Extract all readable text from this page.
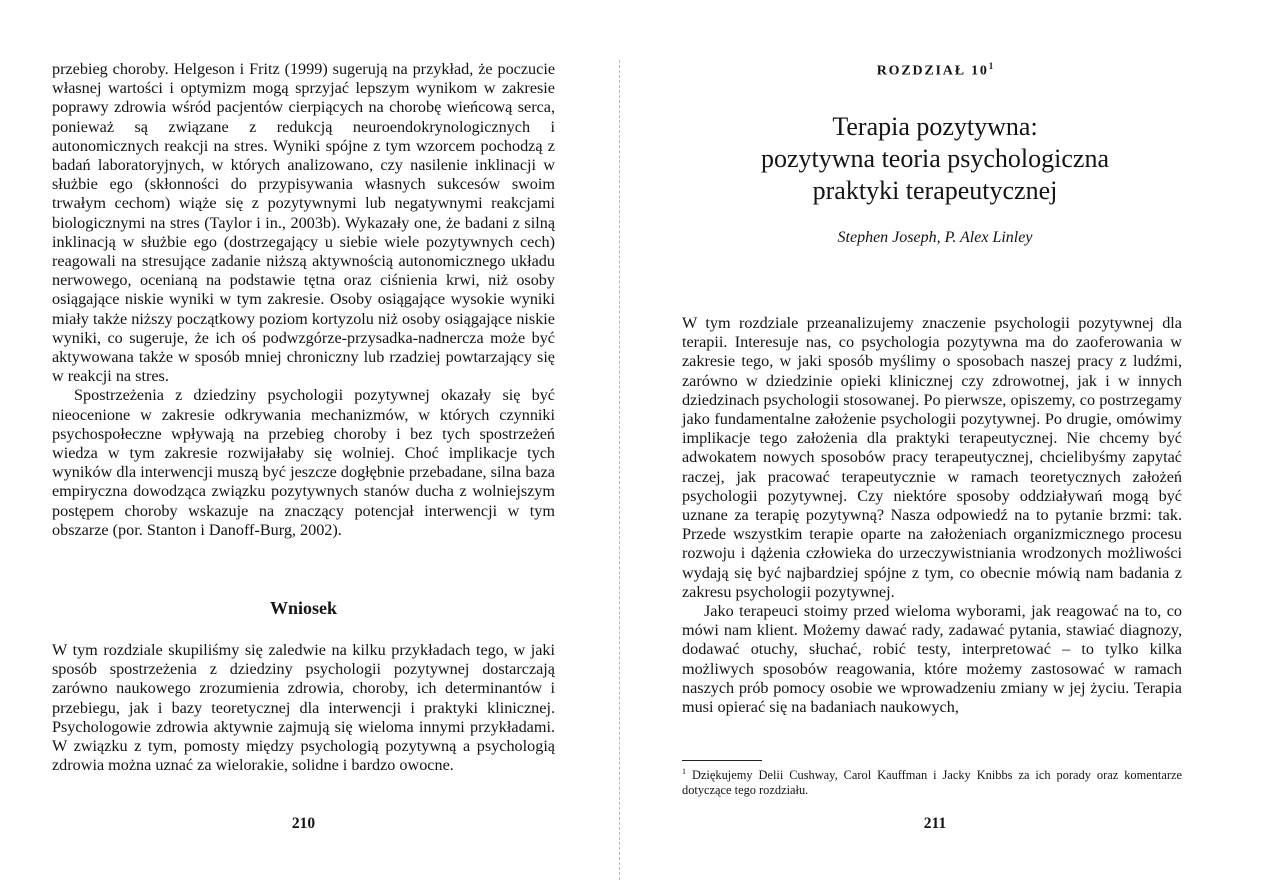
przebieg choroby. Helgeson i Fritz (1999) sugerują na przykład, że poczucie własnej wartości i optymizm mogą sprzyjać lepszym wynikom w zakresie poprawy zdrowia wśród pacjentów cierpiących na chorobę wieńcową serca, ponieważ są związane z redukcją neuroendokrynologicznych i autonomicznych reakcji na stres. Wyniki spójne z tym wzorcem pochodzą z badań laboratoryjnych, w których analizowano, czy nasilenie inklinacji w służbie ego (skłonności do przypisywania własnych sukcesów swoim trwałym cechom) wiąże się z pozytywnymi lub negatywnymi reakcjami biologicznymi na stres (Taylor i in., 2003b). Wykazały one, że badani z silną inklinacją w służbie ego (dostrzegający u siebie wiele pozytywnych cech) reagowali na stresujące zadanie niższą aktywnością autonomicznego układu nerwowego, ocenianą na podstawie tętna oraz ciśnienia krwi, niż osoby osiągające niskie wyniki w tym zakresie. Osoby osiągające wysokie wyniki miały także niższy początkowy poziom kortyzolu niż osoby osiągające niskie wyniki, co sugeruje, że ich oś podwzgórze-przysadka-nadnercza może być aktywowana także w sposób mniej chroniczny lub rzadziej powtarzający się w reakcji na stres.

Spostrzeżenia z dziedziny psychologii pozytywnej okazały się być nieocenione w zakresie odkrywania mechanizmów, w których czynniki psychospołeczne wpływają na przebieg choroby i bez tych spostrzeżeń wiedza w tym zakresie rozwijałaby się wolniej. Choć implikacje tych wyników dla interwencji muszą być jeszcze dogłębnie przebadane, silna baza empiryczna dowodząca związku pozytywnych stanów ducha z wolniejszym postępem choroby wskazuje na znaczący potencjał interwencji w tym obszarze (por. Stanton i Danoff-Burg, 2002).

Wniosek

W tym rozdziale skupiliśmy się zaledwie na kilku przykładach tego, w jaki sposób spostrzeżenia z dziedziny psychologii pozytywnej dostarczają zarówno naukowego zrozumienia zdrowia, choroby, ich determinantów i przebiegu, jak i bazy teoretycznej dla interwencji i praktyki klinicznej. Psychologowie zdrowia aktywnie zajmują się wieloma innymi przykładami. W związku z tym, pomosty między psychologią pozytywną a psychologią zdrowia można uznać za wielorakie, solidne i bardzo owocne.

210
ROZDZIAŁ $10^1$
Terapia pozytywna:
pozytywna teoria psychologiczna
praktyki terapeutycznej
Stephen Joseph, P. Alex Linley

W tym rozdziale przeanalizujemy znaczenie psychologii pozytywnej dla terapii. Interesuje nas, co psychologia pozytywna ma do zaoferowania w zakresie tego, w jaki sposób myślimy o sposobach naszej pracy z ludźmi, zarówno w dziedzinie opieki klinicznej czy zdrowotnej, jak i w innych dziedzinach psychologii stosowanej. Po pierwsze, opiszemy, co postrzegamy jako fundamentalne założenie psychologii pozytywnej. Po drugie, omówimy implikacje tego założenia dla praktyki terapeutycznej. Nie chcemy być adwokatem nowych sposobów pracy terapeutycznej, chcielibyśmy zapytać raczej, jak pracować terapeutycznie w ramach teoretycznych założeń psychologii pozytywnej. Czy niektóre sposoby oddziaływań mogą być uznane za terapię pozytywną? Nasza odpowiedź na to pytanie brzmi: tak. Przede wszystkim terapie oparte na założeniach organizmicznego procesu rozwoju i dążenia człowieka do urzeczywistniania wrodzonych możliwości wydają się być najbardziej spójne z tym, co obecnie mówią nam badania z zakresu psychologii pozytywnej.

Jako terapeuci stoimy przed wieloma wyborami, jak reagować na to, co mówi nam klient. Możemy dawać rady, zadawać pytania, stawiać diagnozy, dodawać otuchy, słuchać, robić testy, interpretować – to tylko kilka możliwych sposobów reagowania, które możemy zastosować w ramach naszych prób pomocy osobie we wprowadzeniu zmiany w jej życiu. Terapia musi opierać się na badaniach naukowych,

$^1$ Dziękujemy Delii Cushway, Carol Kauffman i Jacky Knibbs za ich porady oraz komentarze dotyczące tego rozdziału.
211
